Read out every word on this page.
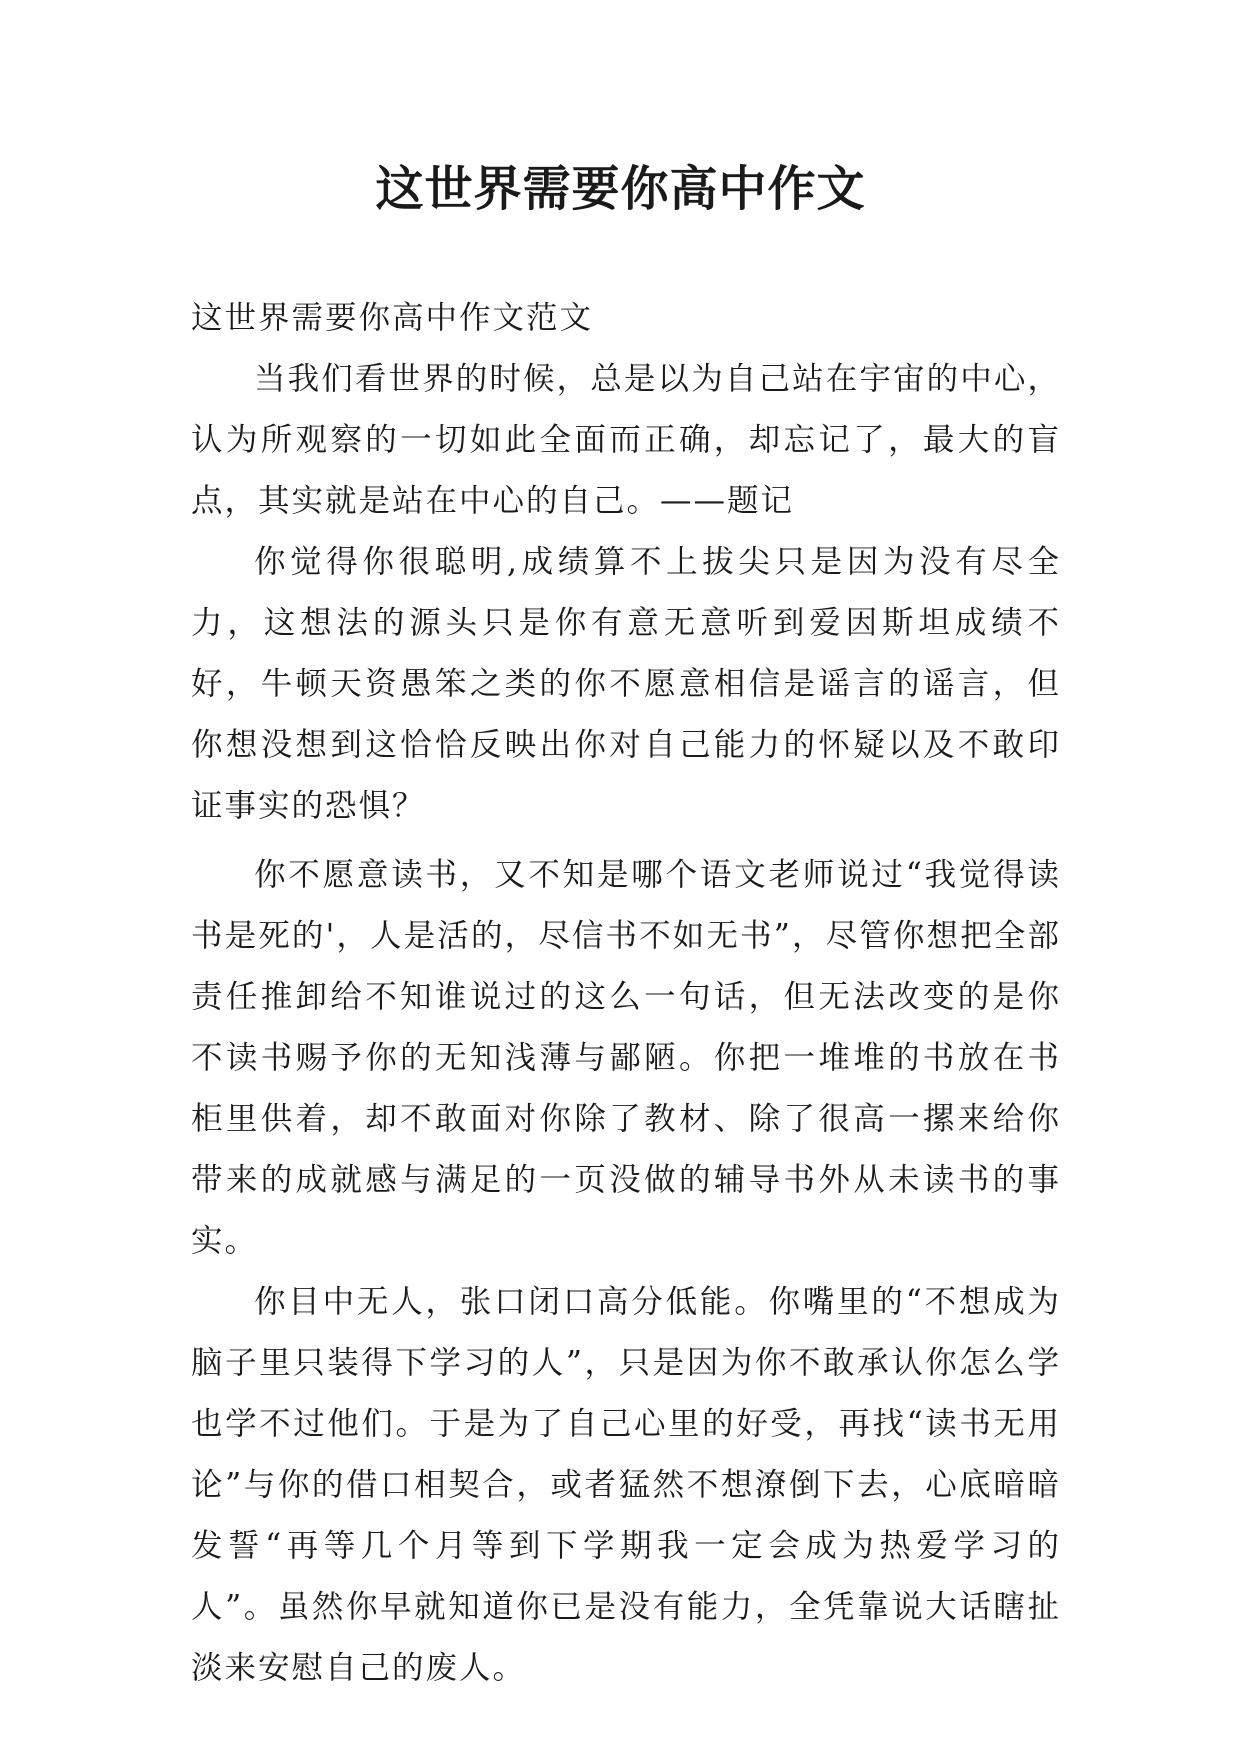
这世界需要你高中作文

这世界需要你高中作文范文

当我们看世界的时候，总是以为自己站在宇宙的中心，认为所观察的一切如此全面而正确，却忘记了，最大的盲点，其实就是站在中心的自己。——题记

你觉得你很聪明,成绩算不上拔尖只是因为没有尽全力，这想法的源头只是你有意无意听到爱因斯坦成绩不好，牛顿天资愚笨之类的你不愿意相信是谣言的谣言，但你想没想到这恰恰反映出你对自己能力的怀疑以及不敢印证事实的恐惧？

你不愿意读书，又不知是哪个语文老师说过“我觉得读书是死的'，人是活的，尽信书不如无书”，尽管你想把全部责任推卸给不知谁说过的这么一句话，但无法改变的是你不读书赐予你的无知浅薄与鄙陋。你把一堆堆的书放在书柜里供着，却不敢面对你除了教材、除了很高一摞来给你带来的成就感与满足的一页没做的辅导书外从未读书的事实。

你目中无人，张口闭口高分低能。你嘴里的“不想成为脑子里只装得下学习的人”，只是因为你不敢承认你怎么学也学不过他们。于是为了自己心里的好受，再找“读书无用论”与你的借口相契合，或者猛然不想潦倒下去，心底暗暗发誓“再等几个月等到下学期我一定会成为热爱学习的人”。虽然你早就知道你已是没有能力，全凭靠说大话瞎扯淡来安慰自己的废人。
